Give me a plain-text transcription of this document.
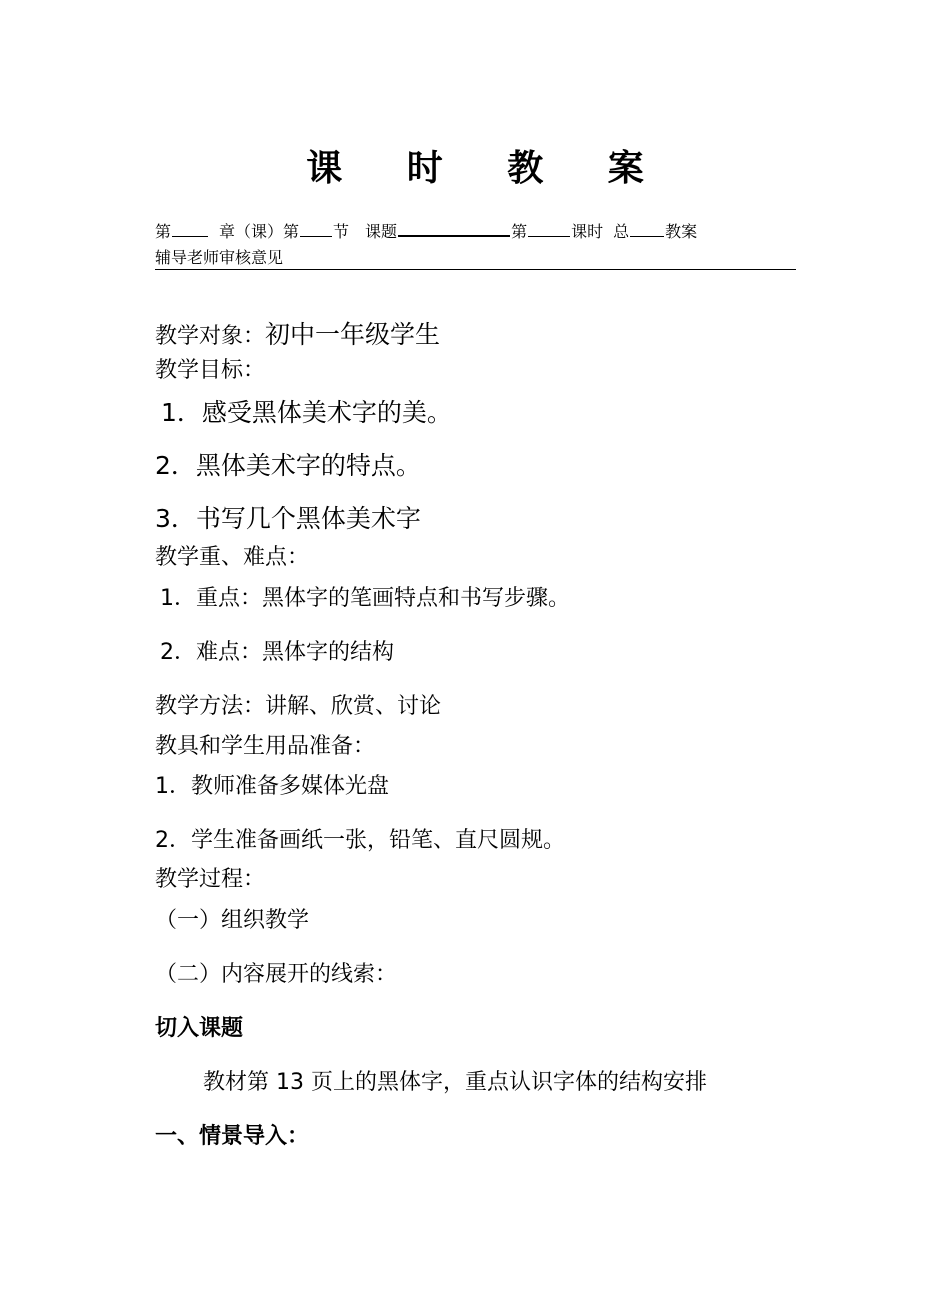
课 时 教 案
第	章（课）第 节 课题	第	课时 总 教案
辅导老师审核意见
教学对象：初中一年级学生
教学目标：
1．感受黑体美术字的美。
2．黑体美术字的特点。
3．书写几个黑体美术字
教学重、难点：
1．重点：黑体字的笔画特点和书写步骤。
2．难点：黑体字的结构
教学方法：讲解、欣赏、讨论
教具和学生用品准备：
1．教师准备多媒体光盘
2．学生准备画纸一张，铅笔、直尺圆规。
教学过程：
（一）组织教学
（二）内容展开的线索：
切入课题
教材第 13 页上的黑体字，重点认识字体的结构安排
一、情景导入：
